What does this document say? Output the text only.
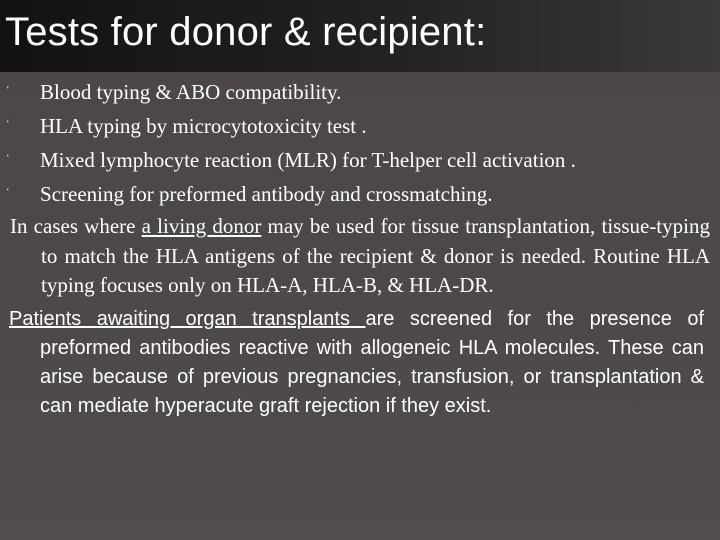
Tests for donor & recipient:
‘ Blood typing & ABO compatibility.
‘ HLA typing by microcytotoxicity test .
‘ Mixed lymphocyte reaction (MLR) for T-helper cell activation .
‘ Screening for preformed antibody and crossmatching.
In cases where a living donor may be used for tissue transplantation, tissue-typing to match the HLA antigens of the recipient & donor is needed. Routine HLA typing focuses only on HLA-A, HLA-B, & HLA-DR.
Patients awaiting organ transplants are screened for the presence of preformed antibodies reactive with allogeneic HLA molecules. These can arise because of previous pregnancies, transfusion, or transplantation & can mediate hyperacute graft rejection if they exist.
